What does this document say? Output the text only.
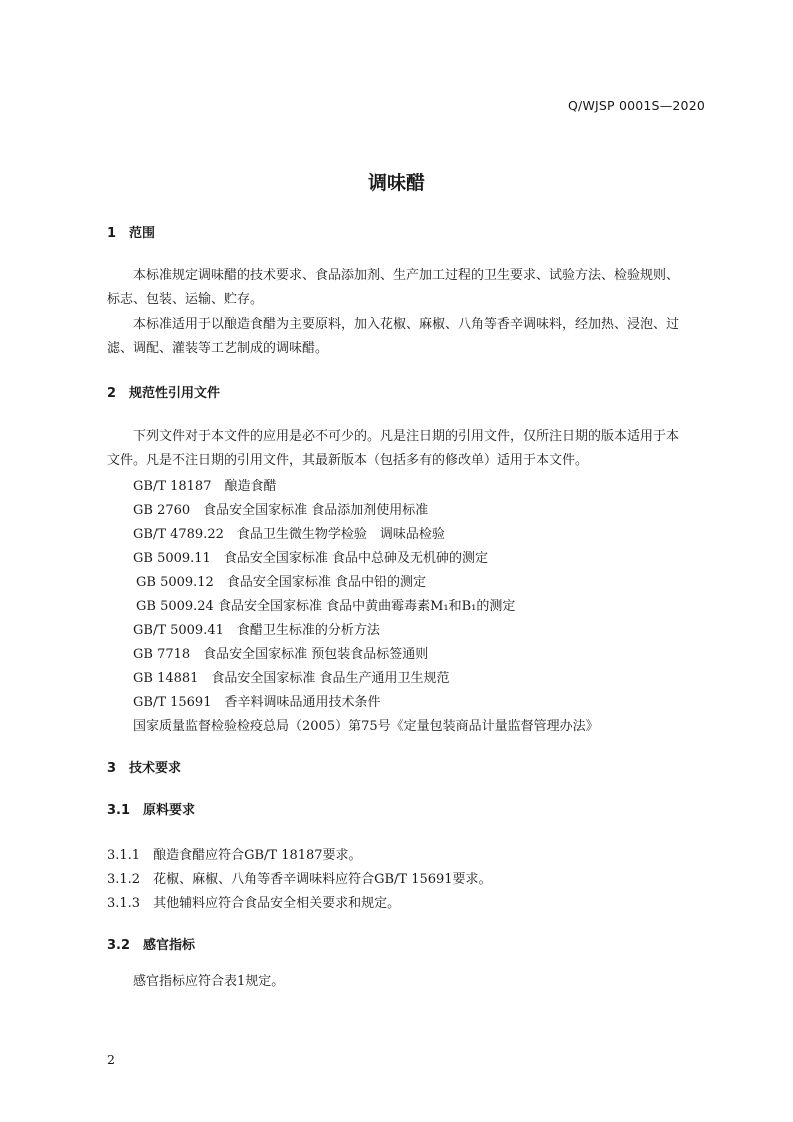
Q/WJSP 0001S—2020
调味醋
1　范围
本标准规定调味醋的技术要求、食品添加剂、生产加工过程的卫生要求、试验方法、检验规则、
标志、包装、运输、贮存。
本标准适用于以酿造食醋为主要原料，加入花椒、麻椒、八角等香辛调味料，经加热、浸泡、过
滤、调配、灌装等工艺制成的调味醋。
2　规范性引用文件
下列文件对于本文件的应用是必不可少的。凡是注日期的引用文件，仅所注日期的版本适用于本
文件。凡是不注日期的引用文件，其最新版本（包括多有的修改单）适用于本文件。
GB/T 18187　酿造食醋
GB 2760　食品安全国家标准 食品添加剂使用标准
GB/T 4789.22　食品卫生微生物学检验　调味品检验
GB 5009.11　食品安全国家标准 食品中总砷及无机砷的测定
GB 5009.12　食品安全国家标准 食品中铅的测定
GB 5009.24 食品安全国家标准 食品中黄曲霉毒素M₁和B₁的测定
GB/T 5009.41　食醋卫生标准的分析方法
GB 7718　食品安全国家标准 预包装食品标签通则
GB 14881　食品安全国家标准 食品生产通用卫生规范
GB/T 15691　香辛料调味品通用技术条件
国家质量监督检验检疫总局（2005）第75号《定量包装商品计量监督管理办法》
3　技术要求
3.1　原料要求
3.1.1　酿造食醋应符合GB/T 18187要求。
3.1.2　花椒、麻椒、八角等香辛调味料应符合GB/T 15691要求。
3.1.3　其他辅料应符合食品安全相关要求和规定。
3.2　感官指标
感官指标应符合表1规定。
2
